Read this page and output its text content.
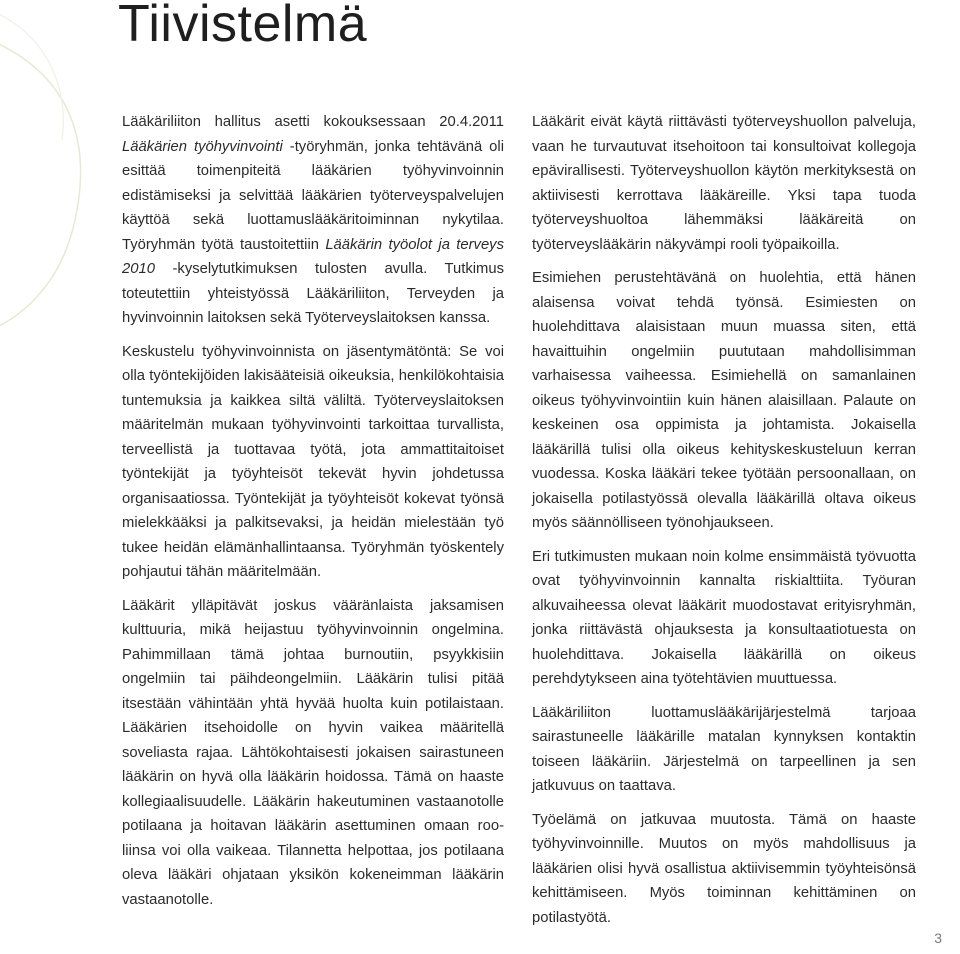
Tiivistelmä

Lääkäriliiton hallitus asetti kokouksessaan 20.4.2011 Lääkärien työhyvinvointi -työryhmän, jonka tehtävänä oli esittää toimenpiteitä lääkärien työhyvinvoinnin edistämiseksi ja selvittää lääkärien työterveyspalvelujen käyttöä sekä luottamuslääkäritoiminnan nykytilaa. Työryhmän työtä taustoitettiin Lääkärin työolot ja terveys 2010 -kyselytutkimuksen tulosten avulla. Tutkimus toteutettiin yhteistyössä Lääkäriliiton, Terveyden ja hyvinvoinnin laitoksen sekä Työterveyslaitoksen kanssa.

Keskustelu työhyvinvoinnista on jäsentymätöntä: Se voi olla työntekijöiden lakisääteisiä oikeuksia, henkilökohtaisia tuntemuksia ja kaikkea siltä väliltä. Työterveyslaitoksen määritelmän mukaan työhyvinvointi tarkoittaa turvallista, terveellistä ja tuottavaa työtä, jota ammattitaitoiset työntekijät ja työyhteisöt tekevät hyvin johdetussa organisaatiossa. Työntekijät ja työyhteisöt kokevat työnsä mielekkääksi ja palkitsevaksi, ja heidän mielestään työ tukee heidän elämänhallintaansa. Työryhmän työskentely pohjautui tähän määritelmään.

Lääkärit ylläpitävät joskus vääränlaista jaksamisen kulttuuria, mikä heijastuu työhyvinvoinnin ongelmina. Pahimmillaan tämä johtaa burnoutiin, psyykkisiin ongelmiin tai päihdeongelmiin. Lääkärin tulisi pitää itsestään vähintään yhtä hyvää huolta kuin potilaistaan. Lääkärien itsehoidolle on hyvin vaikea määritellä soveliasta rajaa. Lähtökohtaisesti jokaisen sairastuneen lääkärin on hyvä olla lääkärin hoidossa. Tämä on haaste kollegiaalisuudelle. Lääkärin hakeutuminen vastaanotolle potilaana ja hoitavan lääkärin asettuminen omaan rooliinsa voi olla vaikeaa. Tilannetta helpottaa, jos potilaana oleva lääkäri ohjataan yksikön kokeneimman lääkärin vastaanotolle.

Lääkärit eivät käytä riittävästi työterveyshuollon palveluja, vaan he turvautuvat itsehoitoon tai konsultoivat kollegoja epävirallisesti. Työterveyshuollon käytön merkityksestä on aktiivisesti kerrottava lääkäreille. Yksi tapa tuoda työterveyshuoltoa lähemmäksi lääkäreitä on työterveyslääkärin näkyvämpi rooli työpaikoilla.

Esimiehen perustehtävänä on huolehtia, että hänen alaisensa voivat tehdä työnsä. Esimiesten on huolehdittava alaisistaan muun muassa siten, että havaittuihin ongelmiin puututaan mahdollisimman varhaisessa vaiheessa. Esimiehellä on samanlainen oikeus työhyvinvointiin kuin hänen alaisillaan. Palaute on keskeinen osa oppimista ja johtamista. Jokaisella lääkärillä tulisi olla oikeus kehityskeskusteluun kerran vuodessa. Koska lääkäri tekee työtään persoonallaan, on jokaisella potilastyössä olevalla lääkärillä oltava oikeus myös säännölliseen työnohjaukseen.

Eri tutkimusten mukaan noin kolme ensimmäistä työvuotta ovat työhyvinvoinnin kannalta riskialttiita. Työuran alkuvaiheessa olevat lääkärit muodostavat erityisryhmän, jonka riittävästä ohjauksesta ja konsultaatiotuesta on huolehdittava. Jokaisella lääkärillä on oikeus perehdytykseen aina työtehtävien muuttuessa.

Lääkäriliiton luottamuslääkärijärjestelmä tarjoaa sairastuneelle lääkärille matalan kynnyksen kontaktin toiseen lääkäriin. Järjestelmä on tarpeellinen ja sen jatkuvuus on taattava.

Työelämä on jatkuvaa muutosta. Tämä on haaste työhyvinvoinnille. Muutos on myös mahdollisuus ja lääkärien olisi hyvä osallistua aktiivisemmin työyhteisönsä kehittämiseen. Myös toiminnan kehittäminen on potilastyötä.

3
